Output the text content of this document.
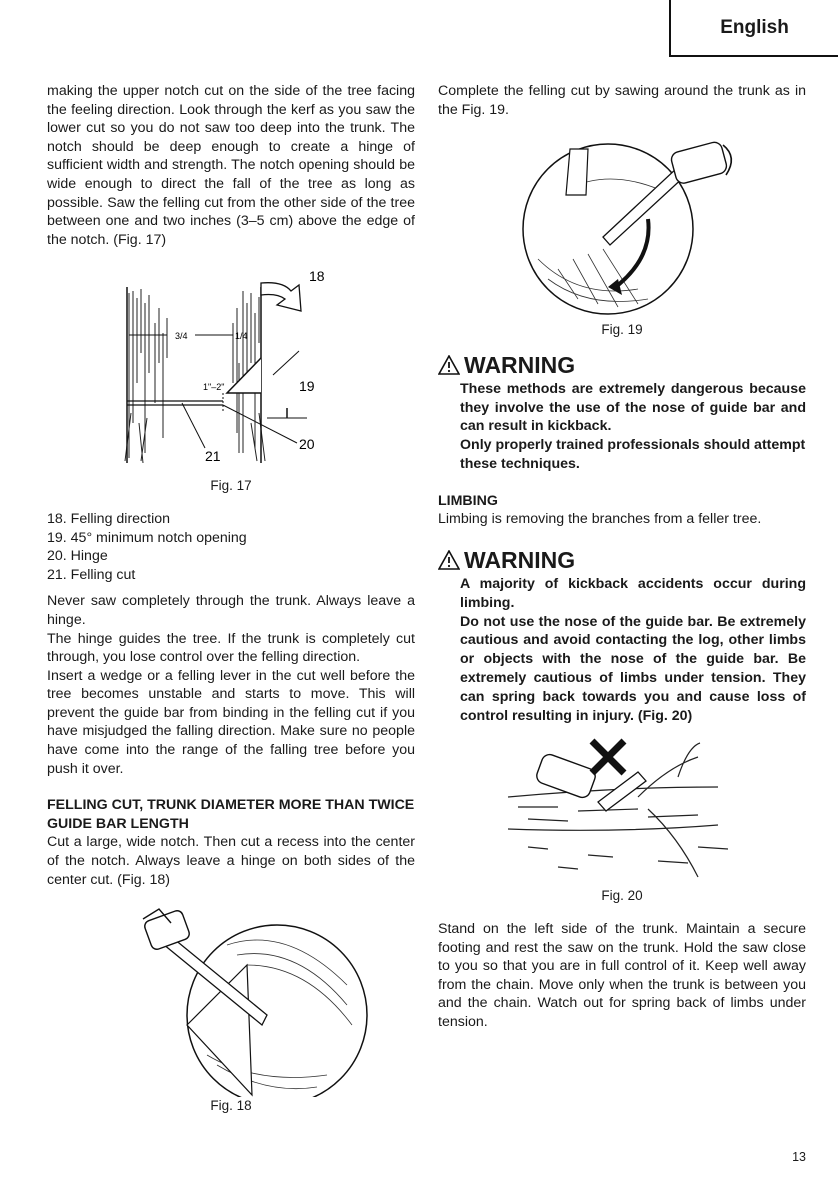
English

making the upper notch cut on the side of the tree facing the feeling direction. Look through the kerf as you saw the lower cut so you do not saw too deep into the trunk. The notch should be deep enough to create a hinge of sufficient width and strength. The notch opening should be wide enough to direct the fall of the tree as long as possible. Saw the felling cut from the other side of the tree between one and two inches (3–5 cm) above the edge of the notch. (Fig. 17)

3/4	1/4
1"–2"
18
19
20
21
Fig. 17
18. Felling direction
19. 45° minimum notch opening
20. Hinge
21. Felling cut

Never saw completely through the trunk. Always leave a hinge.

The hinge guides the tree. If the trunk is completely cut through, you lose control over the felling direction.

Insert a wedge or a felling lever in the cut well before the tree becomes unstable and starts to move. This will prevent the guide bar from binding in the felling cut if you have misjudged the falling direction. Make sure no people have come into the range of the falling tree before you push it over.

FELLING CUT, TRUNK DIAMETER MORE THAN TWICE GUIDE BAR LENGTH

Cut a large, wide notch. Then cut a recess into the center of the notch. Always leave a hinge on both sides of the center cut. (Fig. 18)

Fig. 18

Complete the felling cut by sawing around the trunk as in the Fig. 19.

Fig. 19
WARNING

These methods are extremely dangerous because they involve the use of the nose of guide bar and can result in kickback.

Only properly trained professionals should attempt these techniques.

LIMBING

Limbing is removing the branches from a feller tree.

WARNING

A majority of kickback accidents occur during limbing.

Do not use the nose of the guide bar. Be extremely cautious and avoid contacting the log, other limbs or objects with the nose of the guide bar. Be extremely cautious of limbs under tension. They can spring back towards you and cause loss of control resulting in injury. (Fig. 20)

Fig. 20

Stand on the left side of the trunk. Maintain a secure footing and rest the saw on the trunk. Hold the saw close to you so that you are in full control of it. Keep well away from the chain. Move only when the trunk is between you and the chain. Watch out for spring back of limbs under tension.

13
